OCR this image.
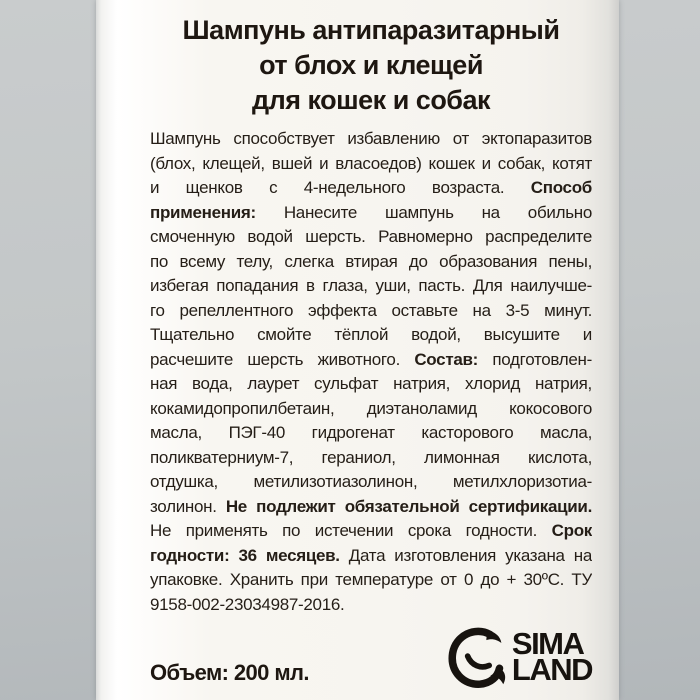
Шампунь антипаразитарный
от блох и клещей
для кошек и собак
Шампунь способствует избавлению от эктопаразитов
(блох, клещей, вшей и власоедов) кошек и собак, котят
и щенков с 4-недельного возраста. Способ
применения: Нанесите шампунь на обильно
смоченную водой шерсть. Равномерно распределите
по всему телу, слегка втирая до образования пены,
избегая попадания в глаза, уши, пасть. Для наилучше-
го репеллентного эффекта оставьте на 3-5 минут.
Тщательно смойте тёплой водой, высушите и
расчешите шерсть животного. Состав: подготовлен-
ная вода, лаурет сульфат натрия, хлорид натрия,
кокамидопропилбетаин, диэтаноламид кокосового
масла, ПЭГ-40 гидрогенат касторового масла,
поликватерниум-7, гераниол, лимонная кислота,
отдушка, метилизотиазолинон, метилхлоризотиа-
золинон. Не подлежит обязательной сертификации.
Не применять по истечении срока годности. Срок
годности: 36 месяцев. Дата изготовления указана на
упаковке. Хранить при температуре от 0 до + 30ºС. ТУ
9158-002-23034987-2016.
Объем: 200 мл.
SIMA
LAND
